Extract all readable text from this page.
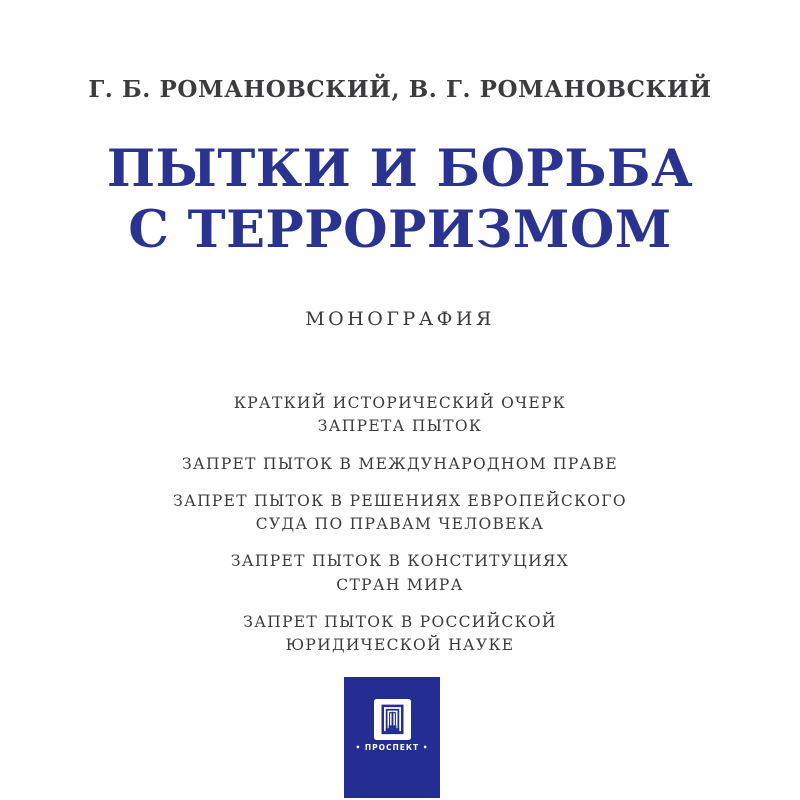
Г. Б. РОМАНОВСКИЙ, В. Г. РОМАНОВСКИЙ
ПЫТКИ И БОРЬБА
С ТЕРРОРИЗМОМ
МОНОГРАФИЯ
КРАТКИЙ ИСТОРИЧЕСКИЙ ОЧЕРК
ЗАПРЕТА ПЫТОК
ЗАПРЕТ ПЫТОК В МЕЖДУНАРОДНОМ ПРАВЕ
ЗАПРЕТ ПЫТОК В РЕШЕНИЯХ ЕВРОПЕЙСКОГО
СУДА ПО ПРАВАМ ЧЕЛОВЕКА
ЗАПРЕТ ПЫТОК В КОНСТИТУЦИЯХ
СТРАН МИРА
ЗАПРЕТ ПЫТОК В РОССИЙСКОЙ
ЮРИДИЧЕСКОЙ НАУКЕ
• ПРОСПЕКТ •
